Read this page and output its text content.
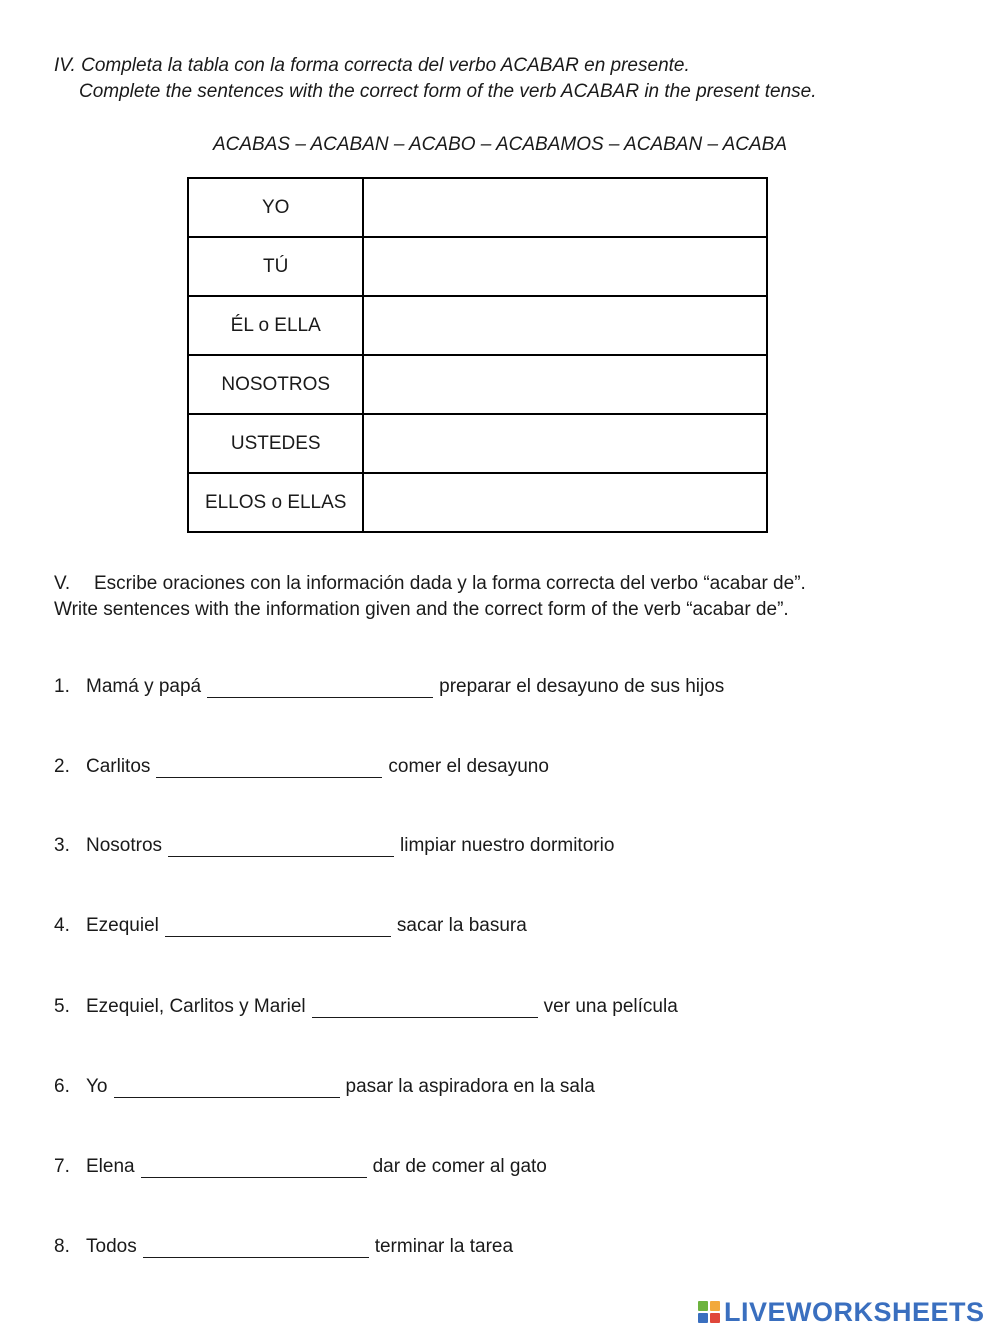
IV. Completa la tabla con la forma correcta del verbo ACABAR en presente.
Complete the sentences with the correct form of the verb ACABAR in the present tense.
ACABAS – ACABAN – ACABO – ACABAMOS – ACABAN – ACABA
YO	

TÚ	

ÉL o ELLA	

NOSOTROS	

USTEDES	

ELLOS o ELLAS	
V. Escribe oraciones con la información dada y la forma correcta del verbo “acabar de”.
Write sentences with the information given and the correct form of the verb “acabar de”.
1. Mamá y papá	preparar el desayuno de sus hijos
2. Carlitos	comer el desayuno
3. Nosotros	limpiar nuestro dormitorio
4. Ezequiel	sacar la basura
5. Ezequiel, Carlitos y Mariel	ver una película
6. Yo	pasar la aspiradora en la sala
7. Elena	dar de comer al gato
8. Todos	terminar la tarea
LIVEWORKSHEETS
